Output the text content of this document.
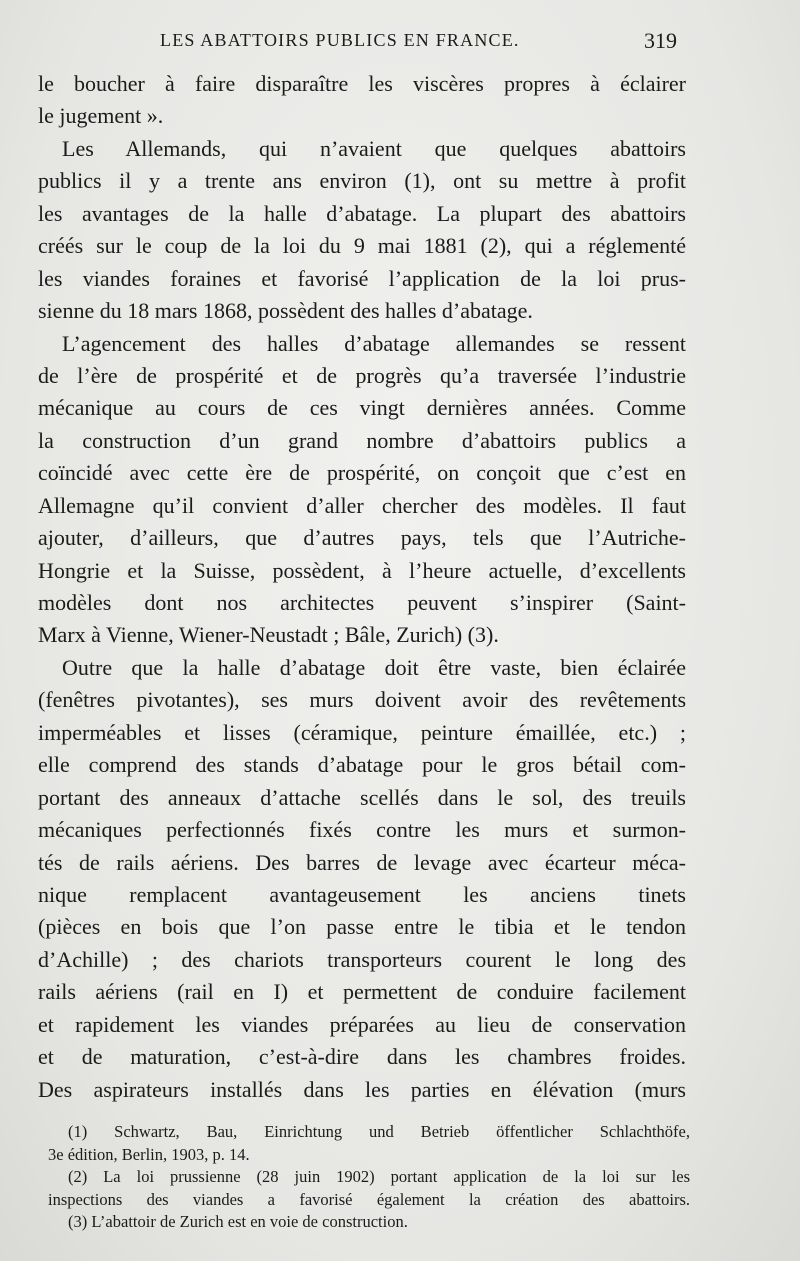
LES ABATTOIRS PUBLICS EN FRANCE.	319
le boucher à faire disparaître les viscères propres à éclairer
le jugement ».
Les Allemands, qui n’avaient que quelques abattoirs
publics il y a trente ans environ (1), ont su mettre à profit
les avantages de la halle d’abatage. La plupart des abattoirs
créés sur le coup de la loi du 9 mai 1881 (2), qui a réglementé
les viandes foraines et favorisé l’application de la loi prus-
sienne du 18 mars 1868, possèdent des halles d’abatage.
L’agencement des halles d’abatage allemandes se ressent
de l’ère de prospérité et de progrès qu’a traversée l’industrie
mécanique au cours de ces vingt dernières années. Comme
la construction d’un grand nombre d’abattoirs publics a
coïncidé avec cette ère de prospérité, on conçoit que c’est en
Allemagne qu’il convient d’aller chercher des modèles. Il faut
ajouter, d’ailleurs, que d’autres pays, tels que l’Autriche-
Hongrie et la Suisse, possèdent, à l’heure actuelle, d’excellents
modèles dont nos architectes peuvent s’inspirer (Saint-
Marx à Vienne, Wiener-Neustadt ; Bâle, Zurich) (3).
Outre que la halle d’abatage doit être vaste, bien éclairée
(fenêtres pivotantes), ses murs doivent avoir des revêtements
imperméables et lisses (céramique, peinture émaillée, etc.) ;
elle comprend des stands d’abatage pour le gros bétail com-
portant des anneaux d’attache scellés dans le sol, des treuils
mécaniques perfectionnés fixés contre les murs et surmon-
tés de rails aériens. Des barres de levage avec écarteur méca-
nique remplacent avantageusement les anciens tinets
(pièces en bois que l’on passe entre le tibia et le tendon
d’Achille) ; des chariots transporteurs courent le long des
rails aériens (rail en I) et permettent de conduire facilement
et rapidement les viandes préparées au lieu de conservation
et de maturation, c’est-à-dire dans les chambres froides.
Des aspirateurs installés dans les parties en élévation (murs
(1) Schwartz, Bau, Einrichtung und Betrieb öffentlicher Schlachthöfe,
3e édition, Berlin, 1903, p. 14.
(2) La loi prussienne (28 juin 1902) portant application de la loi sur les
inspections des viandes a favorisé également la création des abattoirs.
(3) L’abattoir de Zurich est en voie de construction.
